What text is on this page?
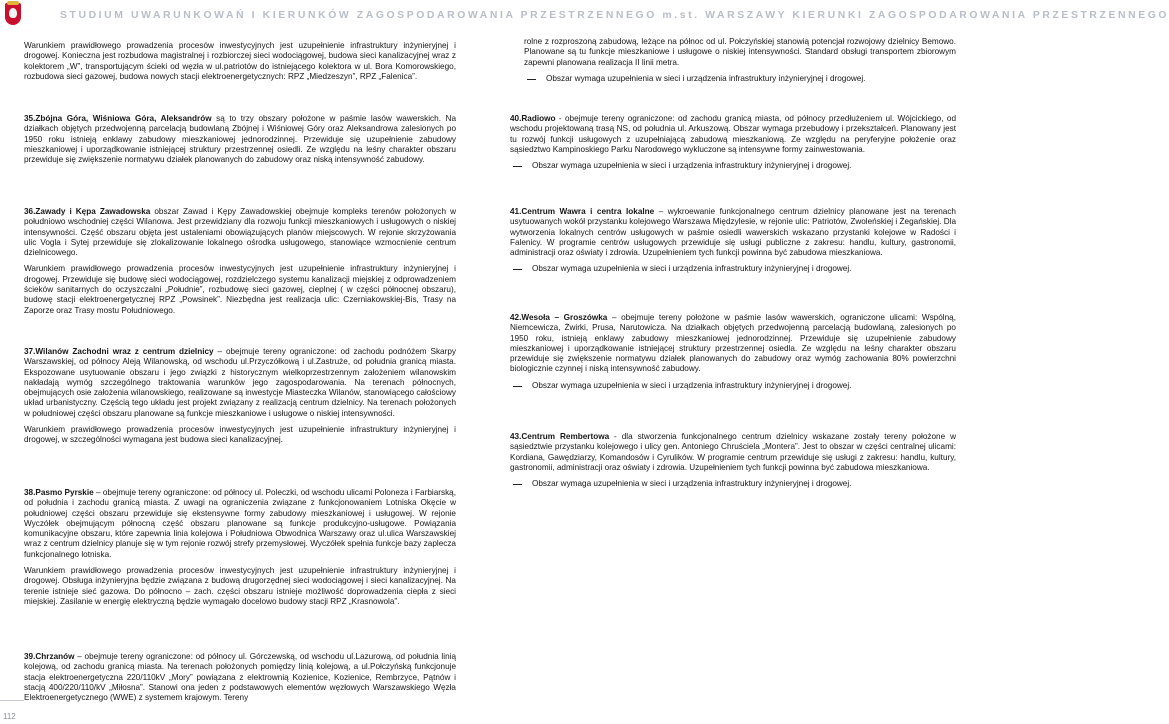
STUDIUM UWARUNKOWAŃ I KIERUNKÓW ZAGOSPODAROWANIA PRZESTRZENNEGO m.st. WARSZAWY KIERUNKI ZAGOSPODAROWANIA PRZESTRZENNEGO

Warunkiem prawidłowego prowadzenia procesów inwestycyjnych jest uzupełnienie infrastruktury inżynieryjnej i drogowej. Konieczna jest rozbudowa magistralnej i rozbiorczej sieci wodociągowej, budowa sieci kanalizacyjnej wraz z kolektorem „W”, transportującym ścieki od węzła w ul.patriotów do istniejącego kolektora w ul. Bora Komorowskiego, rozbudowa sieci gazowej, budowa nowych stacji elektroenergetycznych: RPZ „Miedzeszyn”, RPZ „Falenica”.

rolne z rozproszoną zabudową, leżące na północ od ul. Połczyńskiej stanowią potencjał rozwojowy dzielnicy Bemowo. Planowane są tu funkcje mieszkaniowe i usługowe o niskiej intensywności. Standard obsługi transportem zbiorowym zapewni planowana realizacja II linii metra.

Obszar wymaga uzupełnienia w sieci i urządzenia infrastruktury inżynieryjnej i drogowej.

35.Zbójna Góra, Wiśniowa Góra, Aleksandrów są to trzy obszary położone w paśmie lasów wawerskich. Na działkach objętych przedwojenną parcelacją budowlaną Zbójnej i Wiśniowej Góry oraz Aleksandrowa zalesionych po 1950 roku istnieją enklawy zabudowy mieszkaniowej jednorodzinnej. Przewiduje się uzupełnienie zabudowy mieszkaniowej i uporządkowanie istniejącej struktury przestrzennej osiedli. Ze względu na leśny charakter obszaru przewiduje się zwiększenie normatywu działek planowanych do zabudowy oraz niską intensywność zabudowy.

40.Radiowo - obejmuje tereny ograniczone: od zachodu granicą miasta, od północy przedłużeniem ul. Wójcickiego, od wschodu projektowaną trasą NS, od południa ul. Arkuszową. Obszar wymaga przebudowy i przekształceń. Planowany jest tu rozwój funkcji usługowych z uzupełniającą zabudową mieszkaniową. Ze względu na peryferyjne położenie oraz sąsiedztwo Kampinoskiego Parku Narodowego wykluczone są intensywne formy zainwestowania.

Obszar wymaga uzupełnienia w sieci i urządzenia infrastruktury inżynieryjnej i drogowej.

36.Zawady i Kępa Zawadowska obszar Zawad i Kępy Zawadowskiej obejmuje kompleks terenów położonych w południowo wschodniej części Wilanowa. Jest przewidziany dla rozwoju funkcji mieszkaniowych i usługowych o niskiej intensywności. Część obszaru objęta jest ustaleniami obowiązujących planów miejscowych. W rejonie skrzyżowania ulic Vogla i Sytej przewiduje się zlokalizowanie lokalnego ośrodka usługowego, stanowiące wzmocnienie centrum dzielnicowego.

Warunkiem prawidłowego prowadzenia procesów inwestycyjnych jest uzupełnienie infrastruktury inżynieryjnej i drogowej. Przewiduje się budowę sieci wodociągowej, rozdzielczego systemu kanalizacji miejskiej z odprowadzeniem ścieków sanitarnych do oczyszczalni „Południe”, rozbudowę sieci gazowej, cieplnej ( w części północnej obszaru), budowę stacji elektroenergetycznej RPZ „Powsinek”. Niezbędna jest realizacja ulic: Czerniakowskiej-Bis, Trasy na Zaporze oraz Trasy mostu Południowego.

41.Centrum Wawra i centra lokalne – wykroewanie funkcjonalnego centrum dzielnicy planowane jest na terenach usytuowanych wokół przystanku kolejowego Warszawa Międzylesie, w rejonie ulic: Patriotów, Zwoleńskiej i Żegańskiej. Dla wytworzenia lokalnych centrów usługowych w paśmie osiedli wawerskich wskazano przystanki kolejowe w Radości i Falenicy. W programie centrów usługowych przewiduje się usługi publiczne z zakresu: handlu, kultury, gastronomii, administracji oraz oświaty i zdrowia. Uzupełnieniem tych funkcji powinna być zabudowa mieszkaniowa.

Obszar wymaga uzupełnienia w sieci i urządzenia infrastruktury inżynieryjnej i drogowej.

37.Wilanów Zachodni wraz z centrum dzielnicy – obejmuje tereny ograniczone: od zachodu podnóżem Skarpy Warszawskiej, od północy Aleją Wilanowską, od wschodu ul.Przyczółkową i ul.Zastruże, od południa granicą miasta. Ekspozowane usytuowanie obszaru i jego związki z historycznym wielkoprzestrzennym założeniem wilanowskim nakładają wymóg szczególnego traktowania warunków jego zagospodarowania. Na terenach północnych, obejmujących osie założenia wilanowskiego, realizowane są inwestycje Miasteczka Wilanów, stanowiącego całościowy układ urbanistyczny. Częścią tego układu jest projekt związany z realizacją centrum dzielnicy. Na terenach położonych w południowej części obszaru planowane są funkcje mieszkaniowe i usługowe o niskiej intensywności.

Warunkiem prawidłowego prowadzenia procesów inwestycyjnych jest uzupełnienie infrastruktury inżynieryjnej i drogowej, w szczególności wymagana jest budowa sieci kanalizacyjnej.

42.Wesoła – Groszówka – obejmuje tereny położone w paśmie lasów wawerskich, ograniczone ulicami: Wspólną, Niemcewicza, Żwirki, Prusa, Narutowicza. Na działkach objętych przedwojenną parcelacją budowlaną, zalesionych po 1950 roku, istnieją enklawy zabudowy mieszkaniowej jednorodzinnej. Przewiduje się uzupełnienie zabudowy mieszkaniowej i uporządkowanie istniejącej struktury przestrzennej osiedla. Ze względu na leśny charakter obszaru przewiduje się zwiększenie normatywu działek planowanych do zabudowy oraz wymóg zachowania 80% powierzchni biologicznie czynnej i niską intensywność zabudowy.

Obszar wymaga uzupełnienia w sieci i urządzenia infrastruktury inżynieryjnej i drogowej.

38.Pasmo Pyrskie – obejmuje tereny ograniczone: od północy ul. Poleczki, od wschodu ulicami Poloneza i Farbiarską, od południa i zachodu granicą miasta. Z uwagi na ograniczenia związane z funkcjonowaniem Lotniska Okęcie w południowej części obszaru przewiduje się ekstensywne formy zabudowy mieszkaniowej i usługowej. W rejonie Wyczółek obejmującym północną część obszaru planowane są funkcje produkcyjno-usługowe. Powiązania komunikacyjne obszaru, które zapewnia linia kolejowa i Południowa Obwodnica Warszawy oraz ul.ulica Warszawskiej wraz z centrum dzielnicy planuje się w tym rejonie rozwój strefy przemysłowej. Wyczółek spełnia funkcje bazy zaplecza funkcjonalnego lotniska.

Warunkiem prawidłowego prowadzenia procesów inwestycyjnych jest uzupełnienie infrastruktury inżynieryjnej i drogowej. Obsługa inżynieryjna będzie związana z budową drugorzędnej sieci wodociągowej i sieci kanalizacyjnej. Na terenie istnieje sieć gazowa. Do północno – zach. części obszaru istnieje możliwość doprowadzenia ciepła z sieci miejskiej. Zasilanie w energię elektryczną będzie wymagało docelowo budowy stacji RPZ „Krasnowola”.

43.Centrum Rembertowa - dla stworzenia funkcjonalnego centrum dzielnicy wskazane zostały tereny położone w sąsiedztwie przystanku kolejowego i ulicy gen. Antoniego Chruściela „Montera”. Jest to obszar w części centralnej ulicami: Kordiana, Gawędziarzy, Komandosów i Cyrulików. W programie centrum przewiduje się usługi z zakresu: handlu, kultury, gastronomii, administracji oraz oświaty i zdrowia. Uzupełnieniem tych funkcji powinna być zabudowa mieszkaniowa.

Obszar wymaga uzupełnienia w sieci i urządzenia infrastruktury inżynieryjnej i drogowej.

39.Chrzanów – obejmuje tereny ograniczone: od północy ul. Górczewską, od wschodu ul.Lazurową, od południa linią kolejową, od zachodu granicą miasta. Na terenach położonych pomiędzy linią kolejową, a ul.Połczyńską funkcjonuje stacja elektroenergetyczna 220/110kV „Mory” powiązana z elektrownią Kozienice, Kozienice, Rembrzyce, Pątnów i stacją 400/220/110/kV „Miłosna”. Stanowi ona jeden z podstawowych elementów węzłowych Warszawskiego Węzła Elektroenergetycznego (WWE) z systemem krajowym. Tereny

112
